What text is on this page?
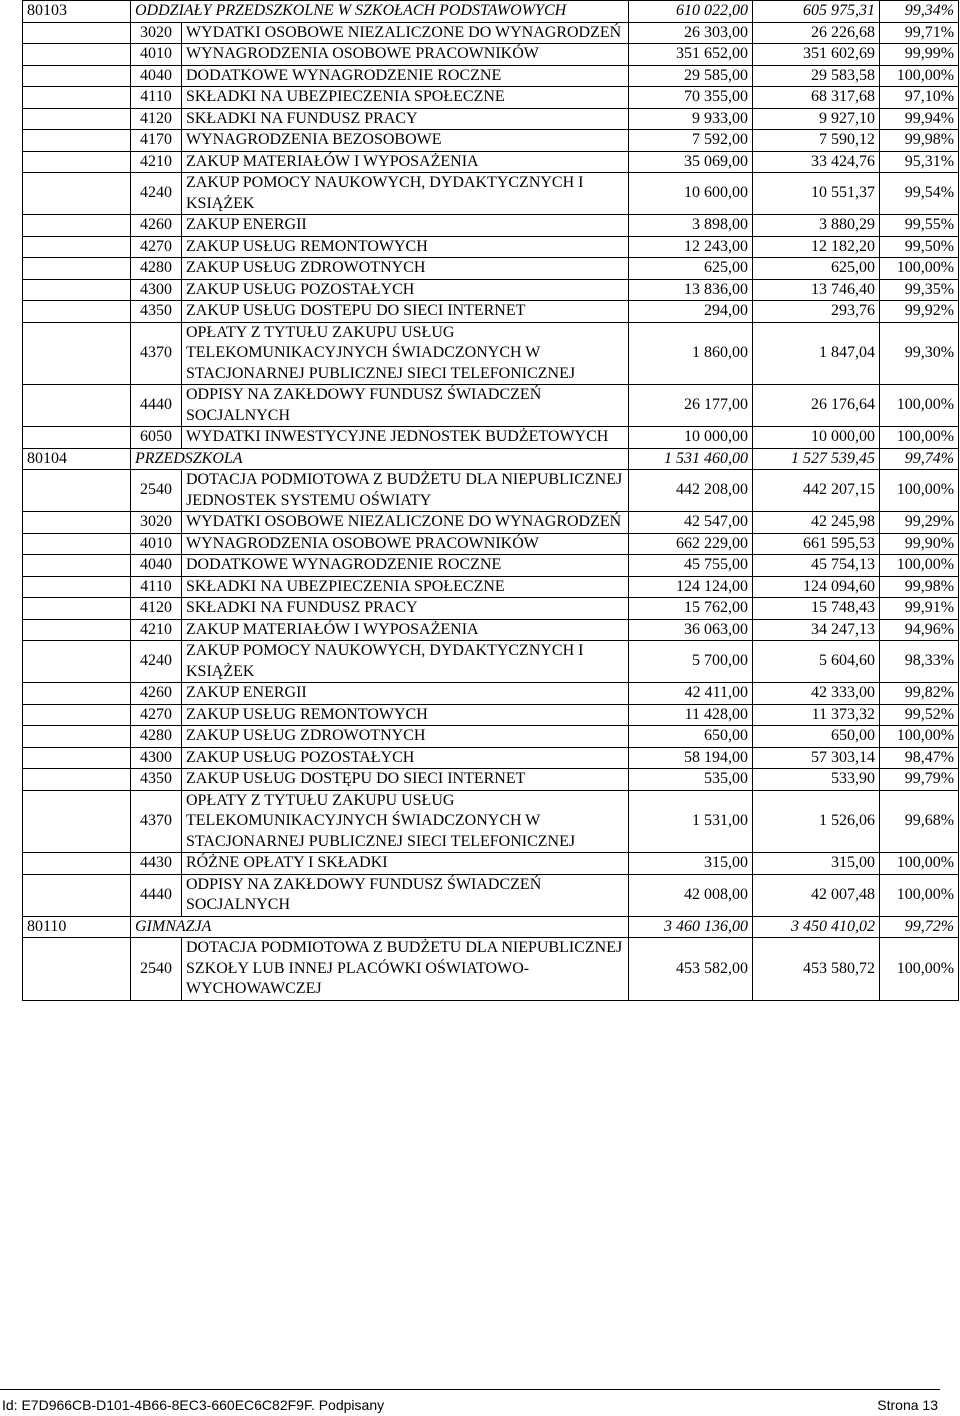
80103	ODDZIAŁY PRZEDSZKOLNE W SZKOŁACH PODSTAWOWYCH		610 022,00	605 975,31	99,34%
	3020	WYDATKI OSOBOWE NIEZALICZONE DO WYNAGRODZEŃ	26 303,00	26 226,68	99,71%
	4010	WYNAGRODZENIA OSOBOWE PRACOWNIKÓW	351 652,00	351 602,69	99,99%
	4040	DODATKOWE WYNAGRODZENIE ROCZNE	29 585,00	29 583,58	100,00%
	4110	SKŁADKI NA UBEZPIECZENIA SPOŁECZNE	70 355,00	68 317,68	97,10%
	4120	SKŁADKI NA FUNDUSZ PRACY	9 933,00	9 927,10	99,94%
	4170	WYNAGRODZENIA BEZOSOBOWE	7 592,00	7 590,12	99,98%
	4210	ZAKUP MATERIAŁÓW I WYPOSAŻENIA	35 069,00	33 424,76	95,31%
	4240	ZAKUP POMOCY NAUKOWYCH, DYDAKTYCZNYCH I KSIĄŻEK	10 600,00	10 551,37	99,54%
	4260	ZAKUP ENERGII	3 898,00	3 880,29	99,55%
	4270	ZAKUP USŁUG REMONTOWYCH	12 243,00	12 182,20	99,50%
	4280	ZAKUP USŁUG ZDROWOTNYCH	625,00	625,00	100,00%
	4300	ZAKUP USŁUG POZOSTAŁYCH	13 836,00	13 746,40	99,35%
	4350	ZAKUP USŁUG DOSTEPU DO SIECI INTERNET	294,00	293,76	99,92%
	4370	OPŁATY Z TYTUŁU ZAKUPU USŁUG TELEKOMUNIKACYJNYCH ŚWIADCZONYCH W STACJONARNEJ PUBLICZNEJ SIECI TELEFONICZNEJ	1 860,00	1 847,04	99,30%
	4440	ODPISY NA ZAKŁDOWY FUNDUSZ ŚWIADCZEŃ SOCJALNYCH	26 177,00	26 176,64	100,00%
	6050	WYDATKI INWESTYCYJNE JEDNOSTEK BUDŻETOWYCH	10 000,00	10 000,00	100,00%
80104	PRZEDSZKOLA		1 531 460,00	1 527 539,45	99,74%
	2540	DOTACJA PODMIOTOWA Z BUDŻETU DLA NIEPUBLICZNEJ JEDNOSTEK SYSTEMU OŚWIATY	442 208,00	442 207,15	100,00%
	3020	WYDATKI OSOBOWE NIEZALICZONE DO WYNAGRODZEŃ	42 547,00	42 245,98	99,29%
	4010	WYNAGRODZENIA OSOBOWE PRACOWNIKÓW	662 229,00	661 595,53	99,90%
	4040	DODATKOWE WYNAGRODZENIE ROCZNE	45 755,00	45 754,13	100,00%
	4110	SKŁADKI NA UBEZPIECZENIA SPOŁECZNE	124 124,00	124 094,60	99,98%
	4120	SKŁADKI NA FUNDUSZ PRACY	15 762,00	15 748,43	99,91%
	4210	ZAKUP MATERIAŁÓW I WYPOSAŻENIA	36 063,00	34 247,13	94,96%
	4240	ZAKUP POMOCY NAUKOWYCH, DYDAKTYCZNYCH I KSIĄŻEK	5 700,00	5 604,60	98,33%
	4260	ZAKUP ENERGII	42 411,00	42 333,00	99,82%
	4270	ZAKUP USŁUG REMONTOWYCH	11 428,00	11 373,32	99,52%
	4280	ZAKUP USŁUG ZDROWOTNYCH	650,00	650,00	100,00%
	4300	ZAKUP USŁUG POZOSTAŁYCH	58 194,00	57 303,14	98,47%
	4350	ZAKUP USŁUG DOSTĘPU DO SIECI INTERNET	535,00	533,90	99,79%
	4370	OPŁATY Z TYTUŁU ZAKUPU USŁUG TELEKOMUNIKACYJNYCH ŚWIADCZONYCH W STACJONARNEJ PUBLICZNEJ SIECI TELEFONICZNEJ	1 531,00	1 526,06	99,68%
	4430	RÓŻNE OPŁATY I SKŁADKI	315,00	315,00	100,00%
	4440	ODPISY NA ZAKŁDOWY FUNDUSZ ŚWIADCZEŃ SOCJALNYCH	42 008,00	42 007,48	100,00%
80110	GIMNAZJA		3 460 136,00	3 450 410,02	99,72%
	2540	DOTACJA PODMIOTOWA Z BUDŻETU DLA NIEPUBLICZNEJ SZKOŁY LUB INNEJ PLACÓWKI OŚWIATOWO-WYCHOWAWCZEJ	453 582,00	453 580,72	100,00%
Id: E7D966CB-D101-4B66-8EC3-660EC6C82F9F. Podpisany	Strona 13
